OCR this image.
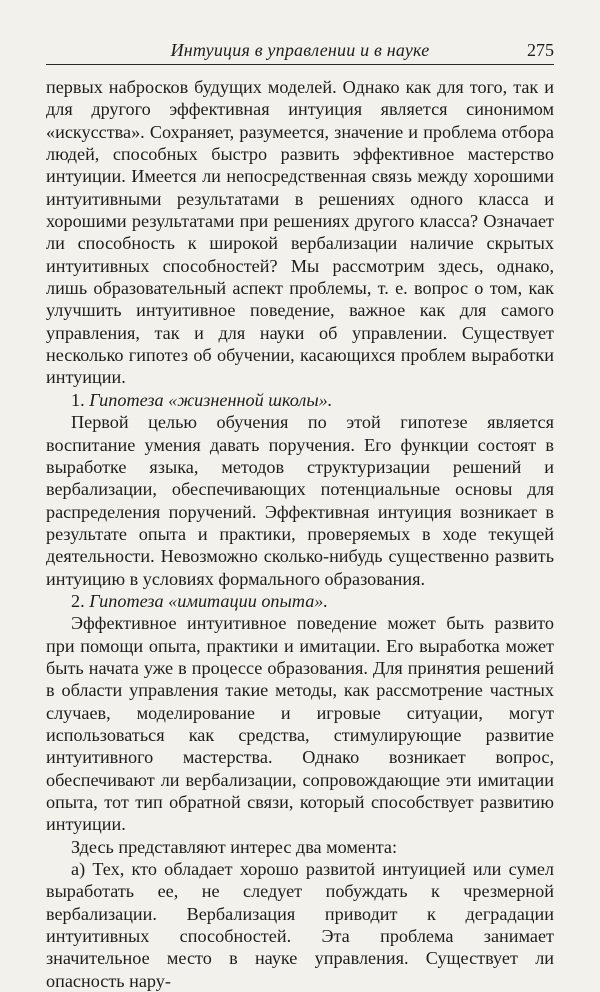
Интуиция в управлении и в науке	275

первых набросков будущих моделей. Однако как для того, так и для другого эффективная интуиция является синонимом «искусства». Сохраняет, разумеется, значение и проблема отбора людей, способных быстро развить эффективное мастерство интуиции. Имеется ли непосредственная связь между хорошими интуитивными результатами в решениях одного класса и хорошими результатами при решениях другого класса? Означает ли способность к широкой вербализации наличие скрытых интуитивных способностей? Мы рассмотрим здесь, однако, лишь образовательный аспект проблемы, т. е. вопрос о том, как улучшить интуитивное поведение, важное как для самого управления, так и для науки об управлении. Существует несколько гипотез об обучении, касающихся проблем выработки интуиции.

1. Гипотеза «жизненной школы».

Первой целью обучения по этой гипотезе является воспитание умения давать поручения. Его функции состоят в выработке языка, методов структуризации решений и вербализации, обеспечивающих потенциальные основы для распределения поручений. Эффективная интуиция возникает в результате опыта и практики, проверяемых в ходе текущей деятельности. Невозможно сколько-нибудь существенно развить интуицию в условиях формального образования.

2. Гипотеза «имитации опыта».

Эффективное интуитивное поведение может быть развито при помощи опыта, практики и имитации. Его выработка может быть начата уже в процессе образования. Для принятия решений в области управления такие методы, как рассмотрение частных случаев, моделирование и игровые ситуации, могут использоваться как средства, стимулирующие развитие интуитивного мастерства. Однако возникает вопрос, обеспечивают ли вербализации, сопровождающие эти имитации опыта, тот тип обратной связи, который способствует развитию интуиции.

Здесь представляют интерес два момента:

а) Тех, кто обладает хорошо развитой интуицией или сумел выработать ее, не следует побуждать к чрезмерной вербализации. Вербализация приводит к деградации интуитивных способностей. Эта проблема занимает значительное место в науке управления. Существует ли опасность нару-
